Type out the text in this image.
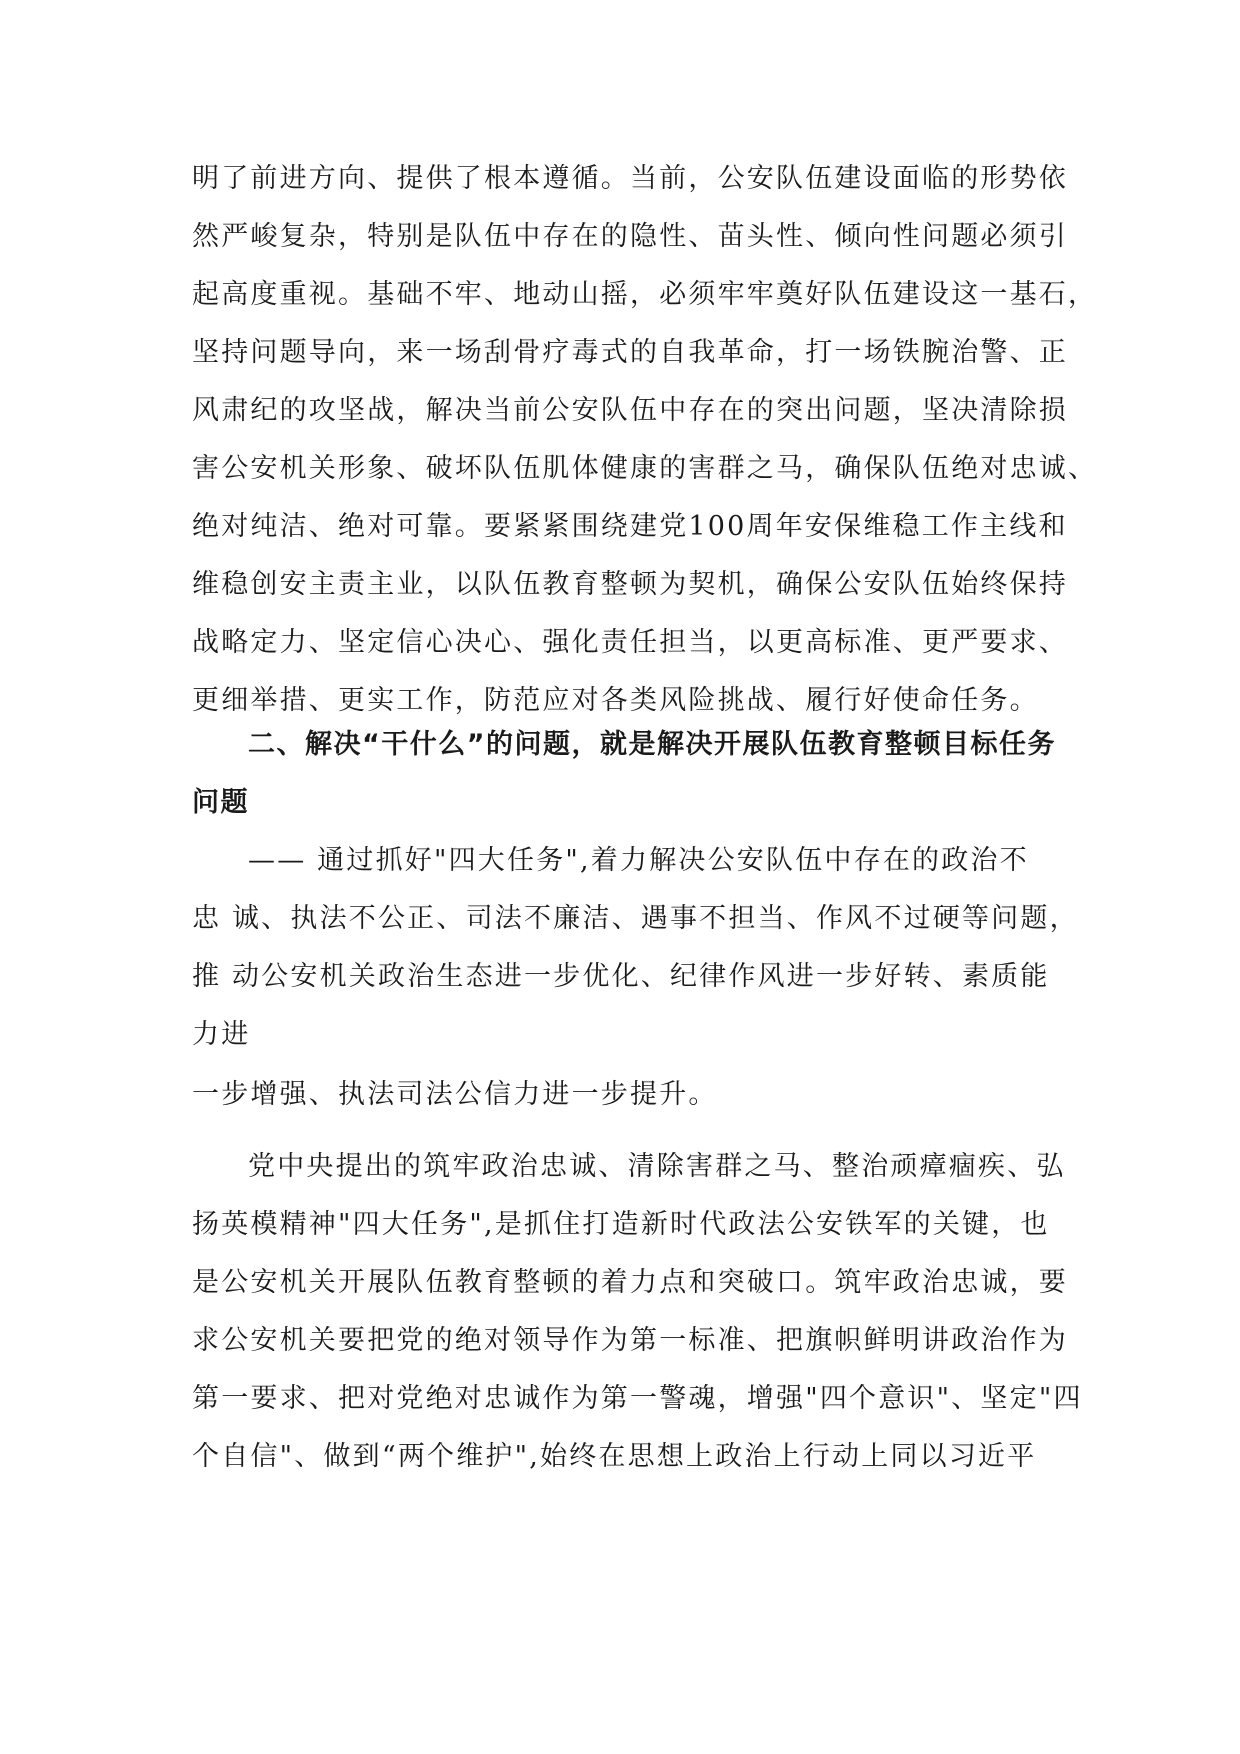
明了前进方向、提供了根本遵循。当前，公安队伍建设面临的形势依
然严峻复杂，特别是队伍中存在的隐性、苗头性、倾向性问题必须引
起高度重视。基础不牢、地动山摇，必须牢牢奠好队伍建设这一基石，
坚持问题导向，来一场刮骨疗毒式的自我革命，打一场铁腕治警、正
风肃纪的攻坚战，解决当前公安队伍中存在的突出问题，坚决清除损
害公安机关形象、破坏队伍肌体健康的害群之马，确保队伍绝对忠诚、
绝对纯洁、绝对可靠。要紧紧围绕建党100周年安保维稳工作主线和
维稳创安主责主业，以队伍教育整顿为契机，确保公安队伍始终保持
战略定力、坚定信心决心、强化责任担当，以更高标准、更严要求、
更细举措、更实工作，防范应对各类风险挑战、履行好使命任务。
二、解决“干什么”的问题，就是解决开展队伍教育整顿目标任务
问题
—— 通过抓好"四大任务",着力解决公安队伍中存在的政治不
忠 诚、执法不公正、司法不廉洁、遇事不担当、作风不过硬等问题，
推 动公安机关政治生态进一步优化、纪律作风进一步好转、素质能
力进
一步增强、执法司法公信力进一步提升。
党中央提出的筑牢政治忠诚、清除害群之马、整治顽瘴痼疾、弘
扬英模精神"四大任务",是抓住打造新时代政法公安铁军的关键，也
是公安机关开展队伍教育整顿的着力点和突破口。筑牢政治忠诚，要
求公安机关要把党的绝对领导作为第一标准、把旗帜鲜明讲政治作为
第一要求、把对党绝对忠诚作为第一警魂，增强"四个意识"、坚定"四
个自信"、做到“两个维护",始终在思想上政治上行动上同以习近平
